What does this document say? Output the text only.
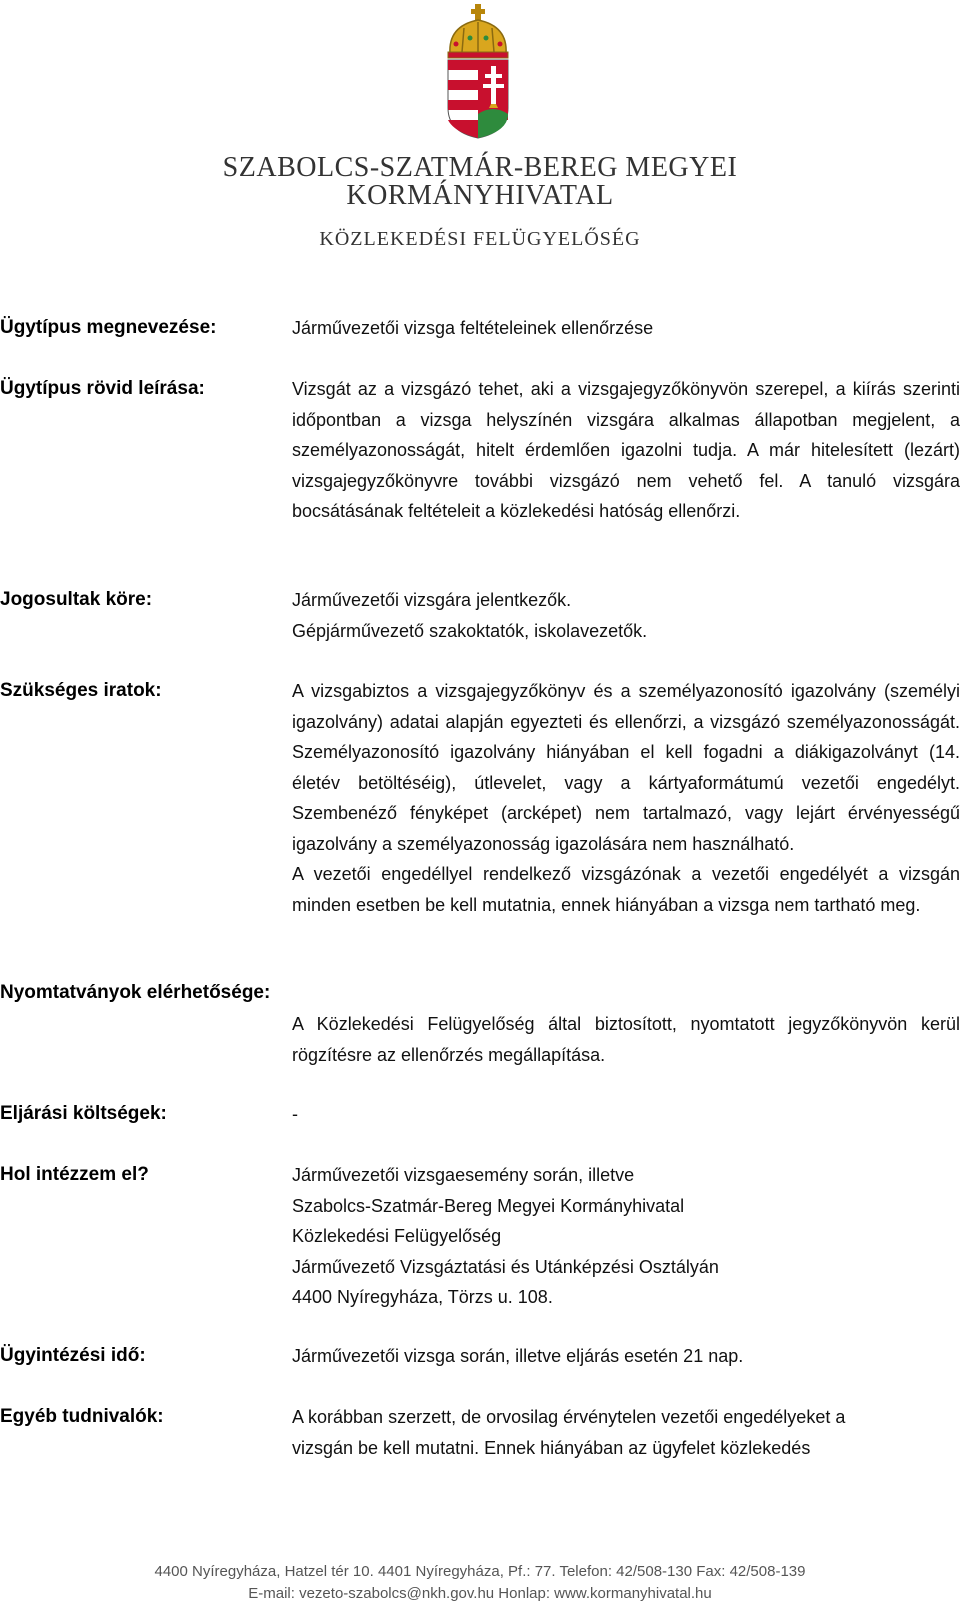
SZABOLCS-SZATMÁR-BEREG MEGYEI
KORMÁNYHIVATAL
KÖZLEKEDÉSI FELÜGYELŐSÉG
Ügytípus megnevezése:	Járművezetői vizsga feltételeinek ellenőrzése
Ügytípus rövid leírása:	Vizsgát az a vizsgázó tehet, aki a vizsgajegyzőkönyvön szerepel, a kiírás szerinti időpontban a vizsga helyszínén vizsgára alkalmas állapotban megjelent, a személyazonosságát, hitelt érdemlően igazolni tudja. A már hitelesített (lezárt) vizsgajegyzőkönyvre további vizsgázó nem vehető fel. A tanuló vizsgára bocsátásának feltételeit a közlekedési hatóság ellenőrzi.
Jogosultak köre:	Járművezetői vizsgára jelentkezők.

Gépjárművezető szakoktatók, iskolavezetők.

Szükséges iratok:	A vizsgabiztos a vizsgajegyzőkönyv és a személyazonosító igazolvány (személyi igazolvány) adatai alapján egyezteti és ellenőrzi, a vizsgázó személyazonosságát. Személyazonosító igazolvány hiányában el kell fogadni a diákigazolványt (14. életév betöltéséig), útlevelet, vagy a kártyaformátumú vezetői engedélyt. Szembenéző fényképet (arcképet) nem tartalmazó, vagy lejárt érvényességű igazolvány a személyazonosság igazolására nem használható.

A vezetői engedéllyel rendelkező vizsgázónak a vezetői engedélyét a vizsgán minden esetben be kell mutatnia, ennek hiányában a vizsga nem tartható meg.

Nyomtatványok elérhetősége:
A Közlekedési Felügyelőség által biztosított, nyomtatott jegyzőkönyvön kerül rögzítésre az ellenőrzés megállapítása.
Eljárási költségek:	-
Hol intézzem el?	Járművezetői vizsgaesemény során, illetve

Szabolcs-Szatmár-Bereg Megyei Kormányhivatal

Közlekedési Felügyelőség

Járművezető Vizsgáztatási és Utánképzési Osztályán

4400 Nyíregyháza, Törzs u. 108.

Ügyintézési idő:	Járművezetői vizsga során, illetve eljárás esetén 21 nap.
Egyéb tudnivalók:	A korábban szerzett, de orvosilag érvénytelen vezetői engedélyeket a

vizsgán be kell mutatni. Ennek hiányában az ügyfelet közlekedés

4400 Nyíregyháza, Hatzel tér 10. 4401 Nyíregyháza, Pf.: 77. Telefon: 42/508-130 Fax: 42/508-139
E-mail: vezeto-szabolcs@nkh.gov.hu Honlap: www.kormanyhivatal.hu
